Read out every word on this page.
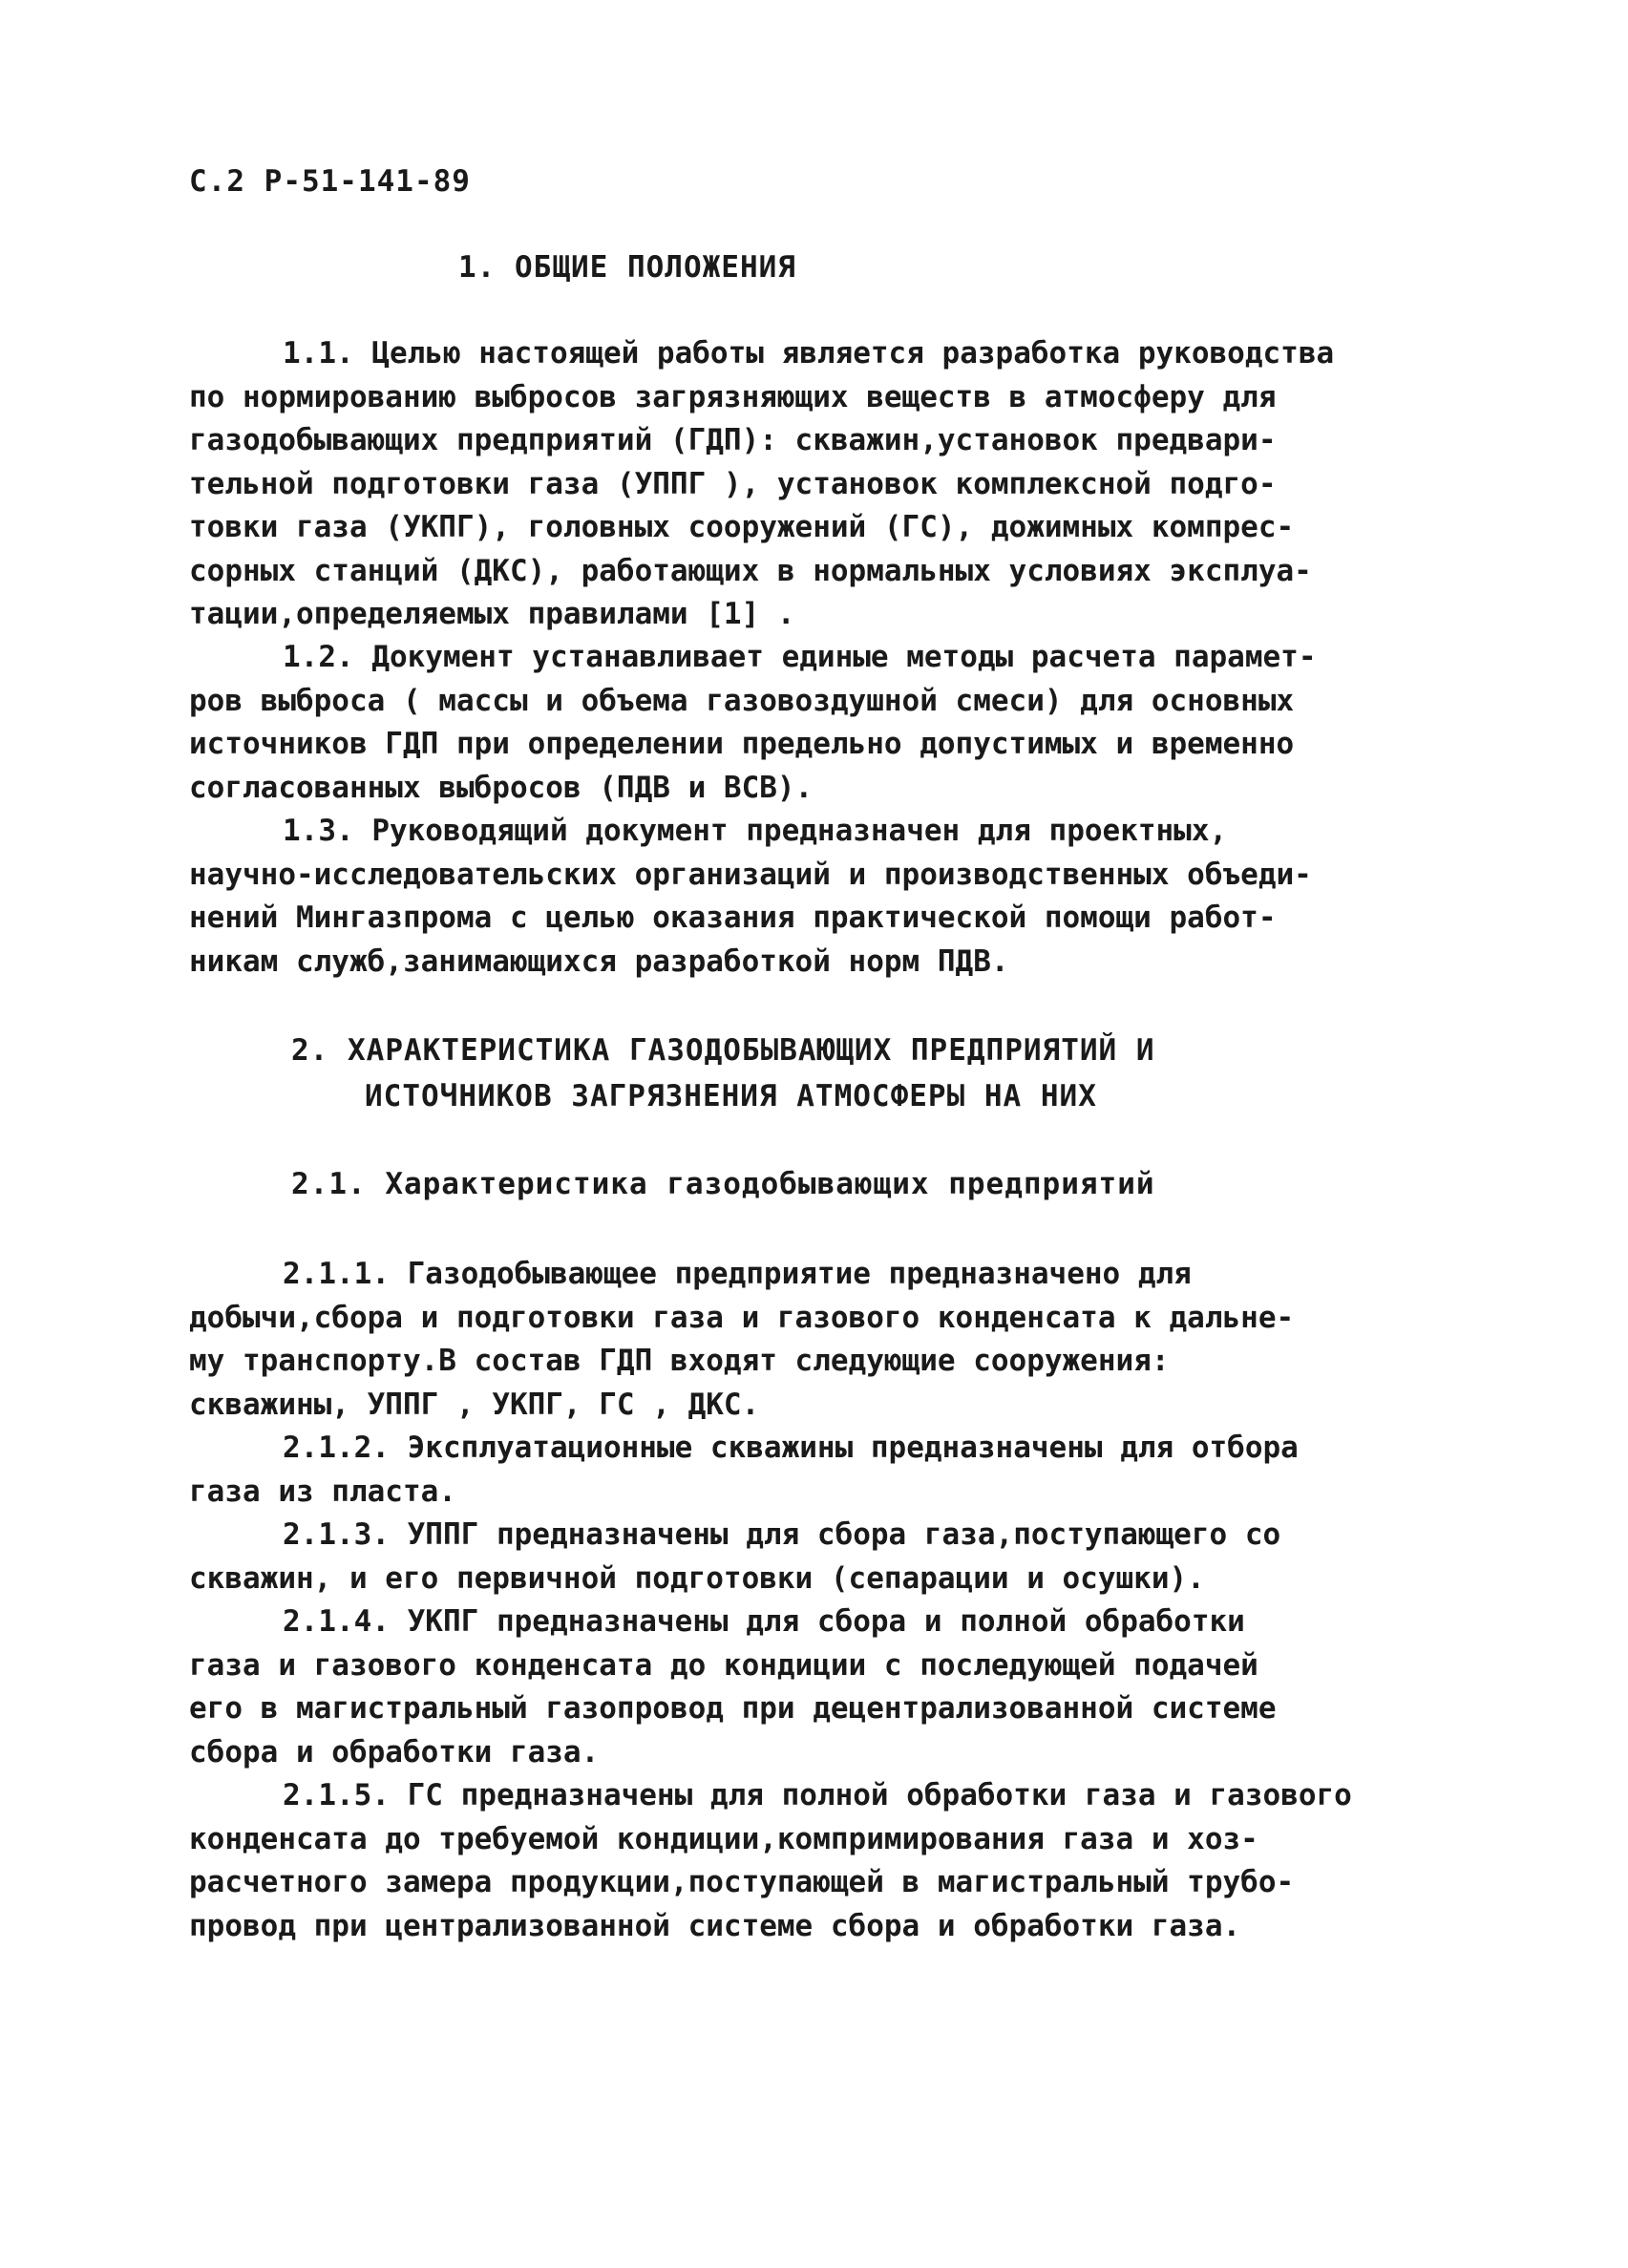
С.2 Р-51-141-89
1. ОБЩИЕ ПОЛОЖЕНИЯ
1.1. Целью настоящей работы является разработка руководства
по нормированию выбросов загрязняющих веществ в атмосферу для
газодобывающих предприятий (ГДП): скважин,установок предвари-
тельной подготовки газа (УППГ ), установок комплексной подго-
товки газа (УКПГ), головных сооружений (ГС), дожимных компрес-
сорных станций (ДКС), работающих в нормальных условиях эксплуа-
тации,определяемых правилами [1] .
1.2. Документ устанавливает единые методы расчета парамет-
ров выброса ( массы и объема газовоздушной смеси) для основных
источников ГДП при определении предельно допустимых и временно
согласованных выбросов (ПДВ и ВСВ).
1.3. Руководящий документ предназначен для проектных,
научно-исследовательских организаций и производственных объеди-
нений Мингазпрома с целью оказания практической помощи работ-
никам служб,занимающихся разработкой норм ПДВ.
2. ХАРАКТЕРИСТИКА ГАЗОДОБЫВАЮЩИХ ПРЕДПРИЯТИЙ И
ИСТОЧНИКОВ ЗАГРЯЗНЕНИЯ АТМОСФЕРЫ НА НИХ
2.1. Характеристика газодобывающих предприятий
2.1.1. Газодобывающее предприятие предназначено для
добычи,сбора и подготовки газа и газового конденсата к дальне-
му транспорту.В состав ГДП входят следующие сооружения:
скважины, УППГ , УКПГ, ГС , ДКС.
2.1.2. Эксплуатационные скважины предназначены для отбора
газа из пласта.
2.1.3. УППГ предназначены для сбора газа,поступающего со
скважин, и его первичной подготовки (сепарации и осушки).
2.1.4. УКПГ предназначены для сбора и полной обработки
газа и газового конденсата до кондиции с последующей подачей
его в магистральный газопровод при децентрализованной системе
сбора и обработки газа.
2.1.5. ГС предназначены для полной обработки газа и газового
конденсата до требуемой кондиции,компримирования газа и хоз-
расчетного замера продукции,поступающей в магистральный трубо-
провод при централизованной системе сбора и обработки газа.
